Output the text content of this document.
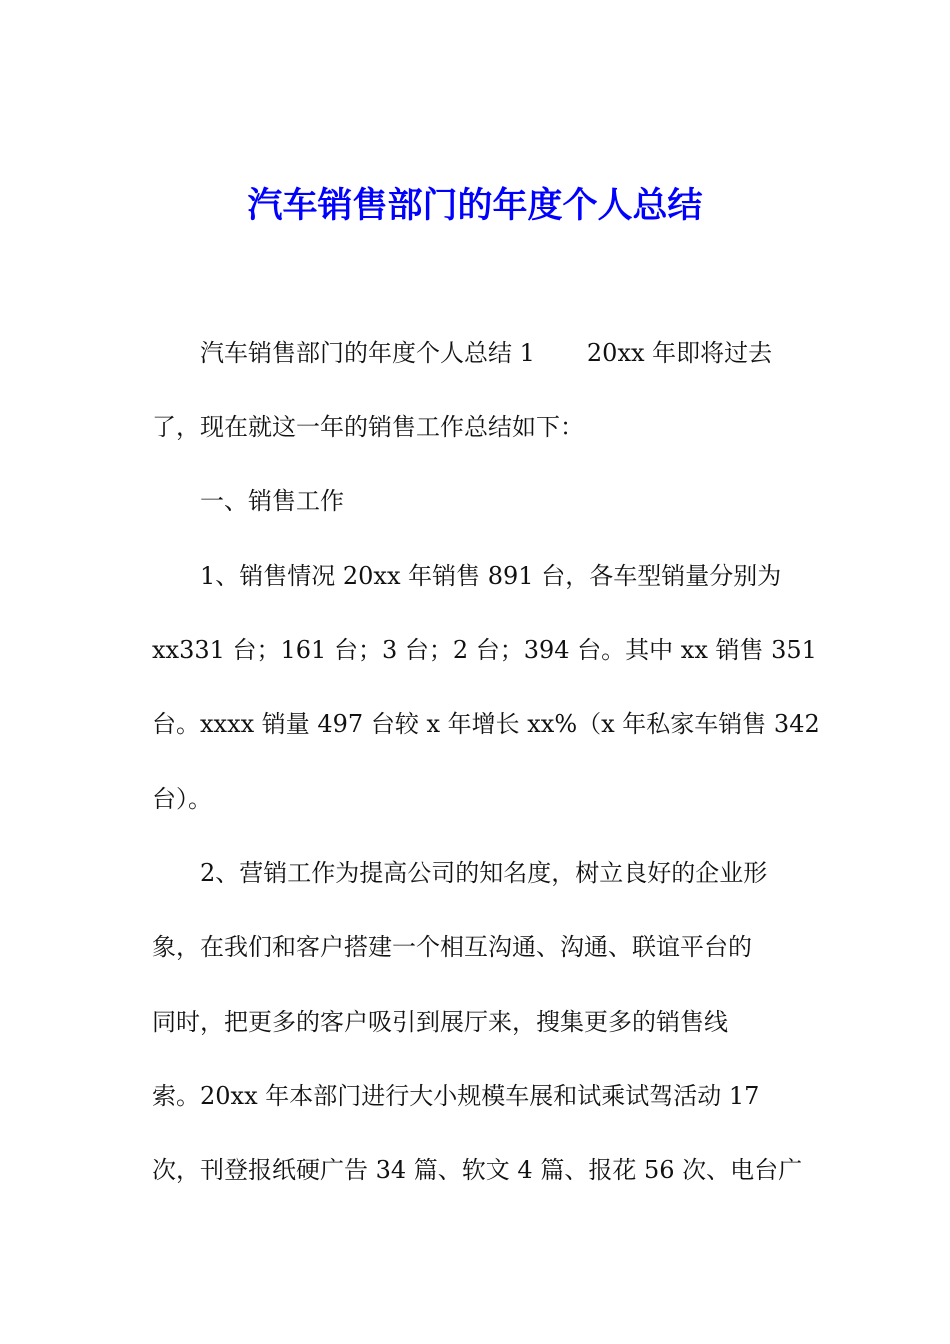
汽车销售部门的年度个人总结
汽车销售部门的年度个人总结 1 20xx 年即将过去
了，现在就这一年的销售工作总结如下：
一、销售工作
1、销售情况 20xx 年销售 891 台，各车型销量分别为
xx331 台；161 台；3 台；2 台；394 台。其中 xx 销售 351
台。xxxx 销量 497 台较 x 年增长 xx%（x 年私家车销售 342
台）。
2、营销工作为提高公司的知名度，树立良好的企业形
象，在我们和客户搭建一个相互沟通、沟通、联谊平台的
同时，把更多的客户吸引到展厅来，搜集更多的销售线
索。20xx 年本部门进行大小规模车展和试乘试驾活动 17
次，刊登报纸硬广告 34 篇、软文 4 篇、报花 56 次、电台广
